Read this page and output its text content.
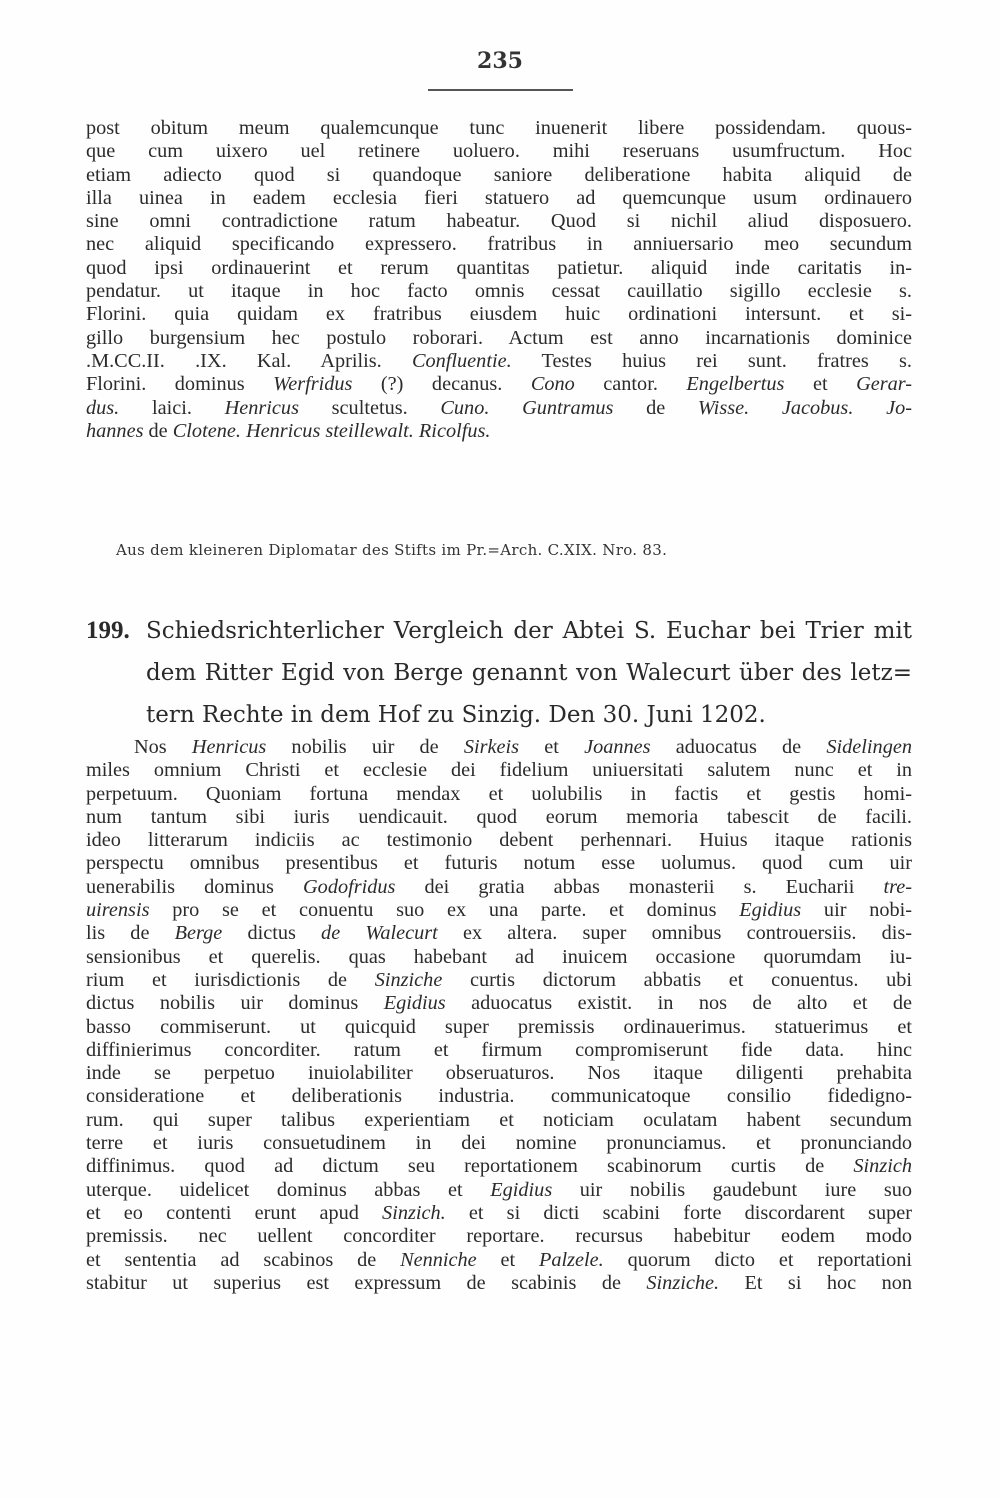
235
post obitum meum qualemcunque tunc inuenerit libere possidendam. quous-
que cum uixero uel retinere uoluero. mihi reseruans usumfructum. Hoc
etiam adiecto quod si quandoque saniore deliberatione habita aliquid de
illa uinea in eadem ecclesia fieri statuero ad quemcunque usum ordinauero
sine omni contradictione ratum habeatur. Quod si nichil aliud disposuero.
nec aliquid specificando expressero. fratribus in anniuersario meo secundum
quod ipsi ordinauerint et rerum quantitas patietur. aliquid inde caritatis in-
pendatur. ut itaque in hoc facto omnis cessat cauillatio sigillo ecclesie s.
Florini. quia quidam ex fratribus eiusdem huic ordinationi intersunt. et si-
gillo burgensium hec postulo roborari. Actum est anno incarnationis dominice
.M.CC.II. .IX. Kal. Aprilis. Confluentie. Testes huius rei sunt. fratres s.
Florini. dominus Werfridus (?) decanus. Cono cantor. Engelbertus et Gerar-
dus. laici. Henricus scultetus. Cuno. Guntramus de Wisse. Jacobus. Jo-
hannes de Clotene. Henricus steillewalt. Ricolfus.
Aus dem kleineren Diplomatar des Stifts im Pr.=Arch. C.XIX. Nro. 83.
199. Schiedsrichterlicher Vergleich der Abtei S. Euchar bei Trier mit
dem Ritter Egid von Berge genannt von Walecurt über des letz=
tern Rechte in dem Hof zu Sinzig. Den 30. Juni 1202.
Nos Henricus nobilis uir de Sirkeis et Joannes aduocatus de Sidelingen
miles omnium Christi et ecclesie dei fidelium uniuersitati salutem nunc et in
perpetuum. Quoniam fortuna mendax et uolubilis in factis et gestis homi-
num tantum sibi iuris uendicauit. quod eorum memoria tabescit de facili.
ideo litterarum indiciis ac testimonio debent perhennari. Huius itaque rationis
perspectu omnibus presentibus et futuris notum esse uolumus. quod cum uir
uenerabilis dominus Godofridus dei gratia abbas monasterii s. Eucharii tre-
uirensis pro se et conuentu suo ex una parte. et dominus Egidius uir nobi-
lis de Berge dictus de Walecurt ex altera. super omnibus controuersiis. dis-
sensionibus et querelis. quas habebant ad inuicem occasione quorumdam iu-
rium et iurisdictionis de Sinziche curtis dictorum abbatis et conuentus. ubi
dictus nobilis uir dominus Egidius aduocatus existit. in nos de alto et de
basso commiserunt. ut quicquid super premissis ordinauerimus. statuerimus et
diffinierimus concorditer. ratum et firmum compromiserunt fide data. hinc
inde se perpetuo inuiolabiliter obseruaturos. Nos itaque diligenti prehabita
consideratione et deliberationis industria. communicatoque consilio fidedigno-
rum. qui super talibus experientiam et noticiam oculatam habent secundum
terre et iuris consuetudinem in dei nomine pronunciamus. et pronunciando
diffinimus. quod ad dictum seu reportationem scabinorum curtis de Sinzich
uterque. uidelicet dominus abbas et Egidius uir nobilis gaudebunt iure suo
et eo contenti erunt apud Sinzich. et si dicti scabini forte discordarent super
premissis. nec uellent concorditer reportare. recursus habebitur eodem modo
et sententia ad scabinos de Nenniche et Palzele. quorum dicto et reportationi
stabitur ut superius est expressum de scabinis de Sinziche. Et si hoc non
